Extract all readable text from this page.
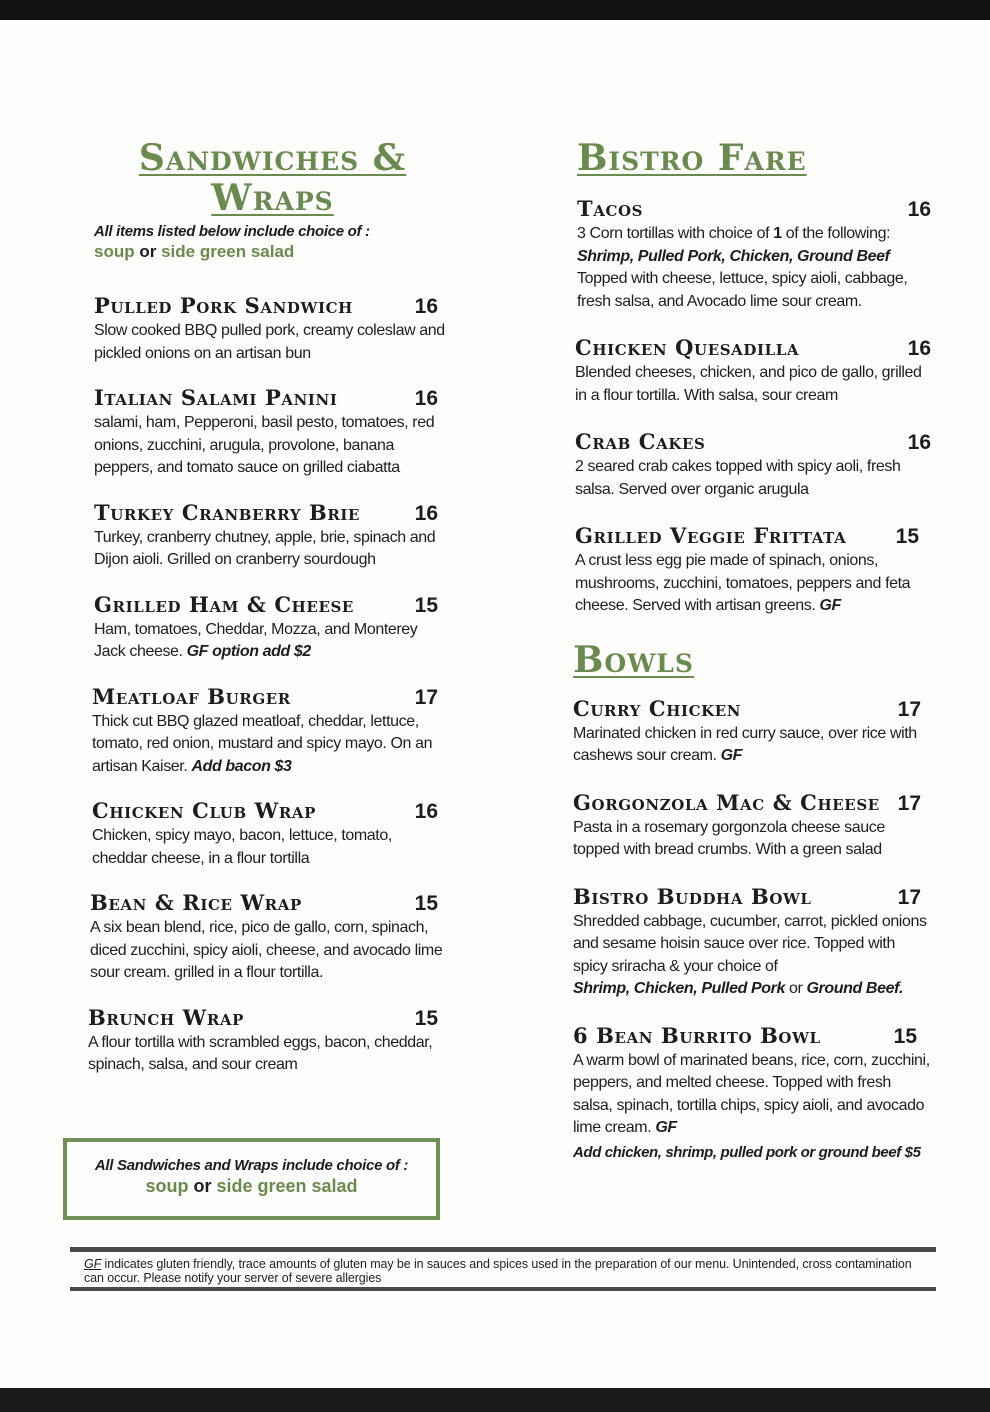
Sandwiches &
Wraps
All items listed below include choice of :
soup or side green salad
Pulled Pork Sandwich	16
Slow cooked BBQ pulled pork, creamy coleslaw and pickled onions on an artisan bun
Italian Salami Panini	16
salami, ham, Pepperoni, basil pesto, tomatoes, red onions, zucchini, arugula, provolone, banana peppers, and tomato sauce on grilled ciabatta
Turkey Cranberry Brie	16
Turkey, cranberry chutney, apple, brie, spinach and Dijon aioli. Grilled on cranberry sourdough
Grilled Ham & Cheese	15
Ham, tomatoes, Cheddar, Mozza, and Monterey Jack cheese. GF option add $2
Meatloaf Burger	17
Thick cut BBQ glazed meatloaf, cheddar, lettuce, tomato, red onion, mustard and spicy mayo. On an artisan Kaiser. Add bacon $3
Chicken Club Wrap	16
Chicken, spicy mayo, bacon, lettuce, tomato, cheddar cheese, in a flour tortilla
Bean & Rice Wrap	15
A six bean blend, rice, pico de gallo, corn, spinach, diced zucchini, spicy aioli, cheese, and avocado lime sour cream. grilled in a flour tortilla.
Brunch Wrap	15
A flour tortilla with scrambled eggs, bacon, cheddar, spinach, salsa, and sour cream
All Sandwiches and Wraps include choice of :
soup or side green salad
Bistro Fare
Tacos	16
3 Corn tortillas with choice of 1 of the following:
Shrimp, Pulled Pork, Chicken, Ground Beef
Topped with cheese, lettuce, spicy aioli, cabbage, fresh salsa, and Avocado lime sour cream.
Chicken Quesadilla	16
Blended cheeses, chicken, and pico de gallo, grilled in a flour tortilla. With salsa, sour cream
Crab Cakes	16
2 seared crab cakes topped with spicy aoli, fresh salsa. Served over organic arugula
Grilled Veggie Frittata 15
A crust less egg pie made of spinach, onions, mushrooms, zucchini, tomatoes, peppers and feta cheese. Served with artisan greens. GF
Bowls
Curry Chicken	17
Marinated chicken in red curry sauce, over rice with cashews sour cream. GF
Gorgonzola Mac & Cheese 17
Pasta in a rosemary gorgonzola cheese sauce topped with bread crumbs. With a green salad
Bistro Buddha Bowl	17
Shredded cabbage, cucumber, carrot, pickled onions and sesame hoisin sauce over rice. Topped with spicy sriracha & your choice of
Shrimp, Chicken, Pulled Pork or Ground Beef.
6 Bean Burrito Bowl	15
A warm bowl of marinated beans, rice, corn, zucchini, peppers, and melted cheese. Topped with fresh salsa, spinach, tortilla chips, spicy aioli, and avocado lime cream. GF
Add chicken, shrimp, pulled pork or ground beef $5
GF indicates gluten friendly, trace amounts of gluten may be in sauces and spices used in the preparation of our menu. Unintended, cross contamination can occur. Please notify your server of severe allergies
